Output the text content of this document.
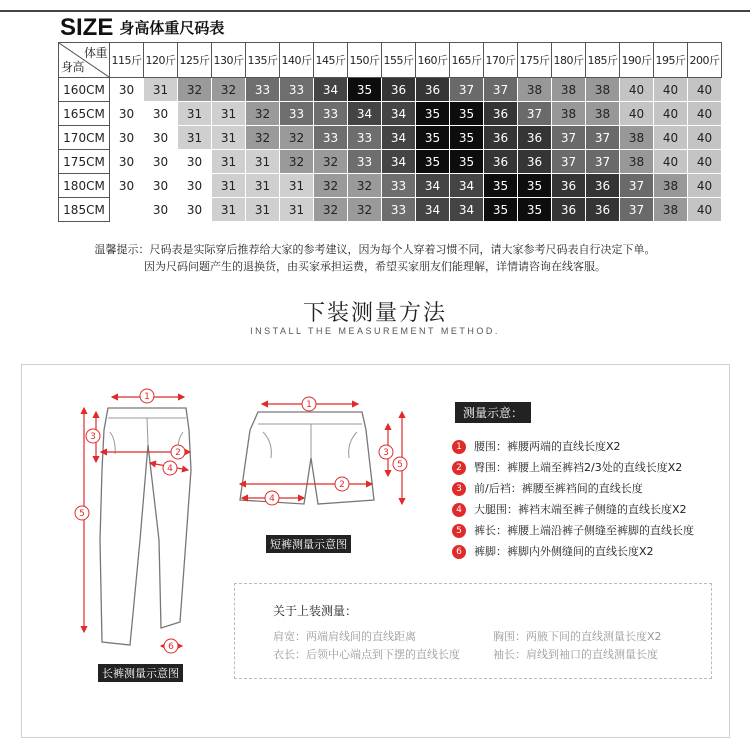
SIZE 身高体重尺码表
体重
身高	115斤	120斤	125斤	130斤	135斤	140斤	145斤	150斤	155斤	160斤	165斤	170斤	175斤	180斤	185斤	190斤	195斤	200斤
160CM	30	31	32	32	33	33	34	35	36	36	37	37	38	38	38	40	40	40
165CM	30	30	31	31	32	33	33	34	34	35	35	36	37	38	38	40	40	40
170CM	30	30	31	31	32	32	33	33	34	35	35	36	36	37	37	38	40	40
175CM	30	30	30	31	31	32	32	33	34	35	35	36	36	37	37	38	40	40
180CM	30	30	30	31	31	31	32	32	33	34	34	35	35	36	36	37	38	40
185CM		30	30	31	31	31	32	32	33	34	34	35	35	36	36	37	38	40
温馨提示：尺码表是实际穿后推荐给大家的参考建议，因为每个人穿着习惯不同，请大家参考尺码表自行决定下单。
因为尺码问题产生的退换货，由买家承担运费，希望买家朋友们能理解，详情请咨询在线客服。
下装测量方法
INSTALL THE MEASUREMENT METHOD.
1
2
3
4
5
6
1
2
3
4
5
短裤测量示意图
长裤测量示意图
测量示意：
1 腰围：裤腰两端的直线长度X2
2 臀围：裤腰上端至裤裆2/3处的直线长度X2
3 前/后裆：裤腰至裤裆间的直线长度
4 大腿围：裤裆末端至裤子侧缝的直线长度X2
5 裤长：裤腰上端沿裤子侧缝至裤脚的直线长度
6 裤脚：裤脚内外侧缝间的直线长度X2
关于上装测量：
肩宽：两端肩线间的直线距离
衣长：后领中心端点到下摆的直线长度
胸围：两腋下间的直线测量长度X2
袖长：肩线到袖口的直线测量长度
